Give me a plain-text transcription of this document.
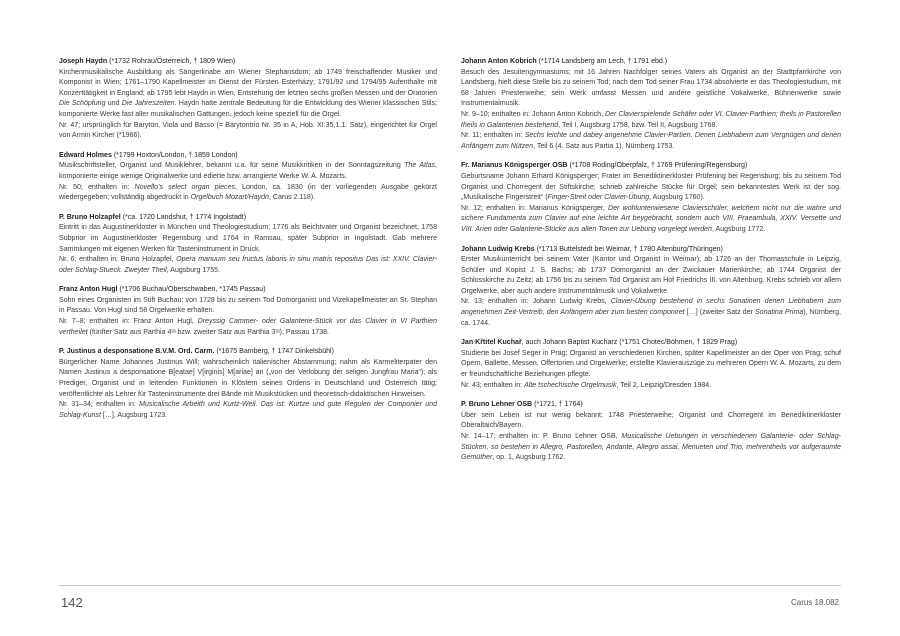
Joseph Haydn (*1732 Rohrau/Österreich, † 1809 Wien)

Kirchenmusikalische Ausbildung als Sängerknabe am Wiener Stephansdom; ab 1749 freischaffender Musiker und Komponist in Wien; 1761–1790 Kapellmeister im Dienst der Fürsten Esterházy; 1791/92 und 1794/95 Aufenthalte mit Konzerttätigkeit in England; ab 1795 lebt Haydn in Wien, Entstehung der letzten sechs großen Messen und der Oratorien Die Schöpfung und Die Jahreszeiten. Haydn hatte zentrale Bedeutung für die Entwicklung des Wiener klassischen Stils; komponierte Werke fast aller musikalischen Gattungen, jedoch keine speziell für die Orgel.

Nr. 47; ursprünglich für Baryton, Viola und Basso (= Barytontrio Nr. 35 in A, Hob. XI:35,1.1. Satz), eingerichtet für Orgel von Armin Kircher (*1966).

Edward Holmes (*1799 Hoxton/London, † 1859 London)

Musikschriftsteller, Organist und Musiklehrer, bekannt u.a. für seine Musikkritiken in der Sonntagszeitung The Atlas, komponierte einige wenige Originalwerke und edierte bzw. arrangierte Werke W. A. Mozarts.

Nr. 50; enthalten in: Novello’s select organ pieces, London, ca. 1830 (in der vorliegenden Ausgabe gekürzt wiedergegeben; vollständig abgedruckt in Orgelbuch Mozart/Haydn, Carus 2.118).

P. Bruno Holzapfel (*ca. 1720 Landshut, † 1774 Ingolstadt)

Eintritt in das Augustinerkloster in München und Theologiestudium; 1776 als Beichtvater und Organist bezeichnet; 1758 Subprior im Augustinerkloster Regensburg und 1764 in Ramsau, später Subprior in Ingolstadt. Gab mehrere Sammlungen mit eigenen Werken für Tasteninstrument in Druck.

Nr. 6; enthalten in: Bruno Holzapfel, Opera manuum seu fructus laboris in sinu matris repositus Das ist: XXIV. Clavier- oder Schlag-Stueck. Zweyter Theil, Augsburg 1755.

Franz Anton Hugl (*1706 Buchau/Oberschwaben, *1745 Passau)

Sohn eines Organisten im Stift Buchau; von 1728 bis zu seinem Tod Domorganist und Vizekapellmeister an St. Stephan in Passau. Von Hugl sind 58 Orgelwerke erhalten.

Nr. 7–8; enthalten in: Franz Anton Hugl, Dreyssig Cammer- oder Galanterie-Stück vor das Clavier in VI Parthien vertheilet (fünfter Satz aus Parthia 4ᵗᵃ bzw. zweiter Satz aus Parthia 3ᵗᵃ), Passau 1738.

P. Justinus a desponsatione B.V.M. Ord. Carm. (*1675 Bamberg, † 1747 Dinkelsbühl)

Bürgerlicher Name Johannes Justinus Will; wahrscheinlich italienischer Abstammung; nahm als Karmeliterpater den Namen Justinus a desponsatione B[eatae] V[irginis] M[ariae] an („von der Verlobung der seligen Jungfrau Maria“); als Prediger, Organist und in leitenden Funktionen in Klöstern seines Ordens in Deutschland und Österreich tätig; veröffentlichte als Lehrer für Tasteninstrumente drei Bände mit Musikstücken und theoretisch-didaktischen Hinweisen.

Nr. 31–34; enthalten in: Musicalische Arbeith und Kurtz-Weil. Das ist: Kurtze und gute Regulen der Componier und Schlag-Kunst […], Augsburg 1723.

Johann Anton Kobrich (*1714 Landsberg am Lech, † 1791 ebd.)

Besuch des Jesuitengymnasiums; mit 16 Jahren Nachfolger seines Vaters als Organist an der Stadtpfarrkirche von Landsberg, hielt diese Stelle bis zu seinem Tod; nach dem Tod seiner Frau 1734 absolvierte er das Theologiestudium, mit 68 Jahren Priesterweihe; sein Werk umfasst Messen und andere geistliche Vokalwerke, Bühnenwerke sowie Instrumentalmusik.

Nr. 9–10; enthalten in: Johann Anton Kobrich, Der Clavierspielende Schäfer oder VI. Clavier-Parthien; theils in Pastorellen theils in Galanterien bestehend, Teil I, Augsburg 1758, bzw. Teil II, Augsburg 1768.

Nr. 11; enthalten in: Sechs leichte und dabey angenehme Clavier-Partien. Denen Liebhabern zum Vergnügen und denen Anfängern zum Nützen, Teil 6 (4. Satz aus Partia 1), Nürnberg 1753.

Fr. Marianus Königsperger OSB (*1708 Roding/Oberpfalz, † 1769 Prüfening/Regensburg)

Geburtsname Johann Erhard Königsperger; Frater im Benediktinerkloster Prüfening bei Regensburg; bis zu seinem Tod Organist und Chorregent der Stiftskirche; schrieb zahlreiche Stücke für Orgel; sein bekanntestes Werk ist der sog. „Musikalische Fingerstreit“ (Finger-Streit oder Clavier-Übung, Augsburg 1760).

Nr. 12; enthalten in: Marianus Königsperger, Der wohlunterwiesene Clavierschüler, welchem nicht nur die wahre und sichere Fundamenta zum Clavier auf eine leichte Art beygebracht, sondern auch VIII. Praeambula, XXIV. Versette und VIII. Arien oder Galanterie-Stücke aus allen Tonen zur Uebung vorgelegt werden, Augsburg 1772.

Johann Ludwig Krebs (*1713 Buttelstedt bei Weimar, † 1780 Altenburg/Thüringen)

Erster Musikunterricht bei seinem Vater (Kantor und Organist in Weimar); ab 1726 an der Thomasschule in Leipzig, Schüler und Kopist J. S. Bachs; ab 1737 Domorganist an der Zwickauer Marienkirche; ab 1744 Organist der Schlosskirche zu Zeitz; ab 1756 bis zu seinem Tod Organist am Hof Friedrichs III. von Altenburg. Krebs schrieb vor allem Orgelwerke, aber auch andere Instrumentalmusik und Vokalwerke.

Nr. 13; enthalten in: Johann Ludwig Krebs, Clavier-Ubung bestehend in sechs Sonatinen denen Liebhabern zum angenehmen Zeit-Vertreib, den Anfängern aber zum besten componiret […] (zweiter Satz der Sonatina Prima), Nürnberg, ca. 1744.

Jan Křtitel Kuchař, auch Johann Baptist Kucharz (*1751 Chotec/Böhmen, † 1829 Prag)

Studierte bei Josef Seger in Prag; Organist an verschiedenen Kirchen, später Kapellmeister an der Oper von Prag; schuf Opern, Ballette, Messen, Offertorien und Orgelwerke; erstellte Klavierauszüge zu mehreren Opern W. A. Mozarts, zu dem er freundschaftliche Beziehungen pflegte.

Nr. 43; enthalten in: Alte tschechische Orgelmusik, Teil 2, Leipzig/Dresden 1984.

P. Bruno Lehner OSB (*1721, † 1764)

Über sein Leben ist nur wenig bekannt; 1748 Priesterweihe; Organist und Chorregent im Benediktinerkloster Oberaltaich/Bayern.

Nr. 14–17; enthalten in: P. Bruno Lehner OSB, Musicalische Uebungen in verschiedenen Galanterie- oder Schlag-Stücken, so bestehen in Allegro, Pastorellen, Andante, Allegro assai, Menueten und Trio, mehrentheils vor aufgeraumte Gemüther, op. 1, Augsburg 1762.

142	Carus 18.082
